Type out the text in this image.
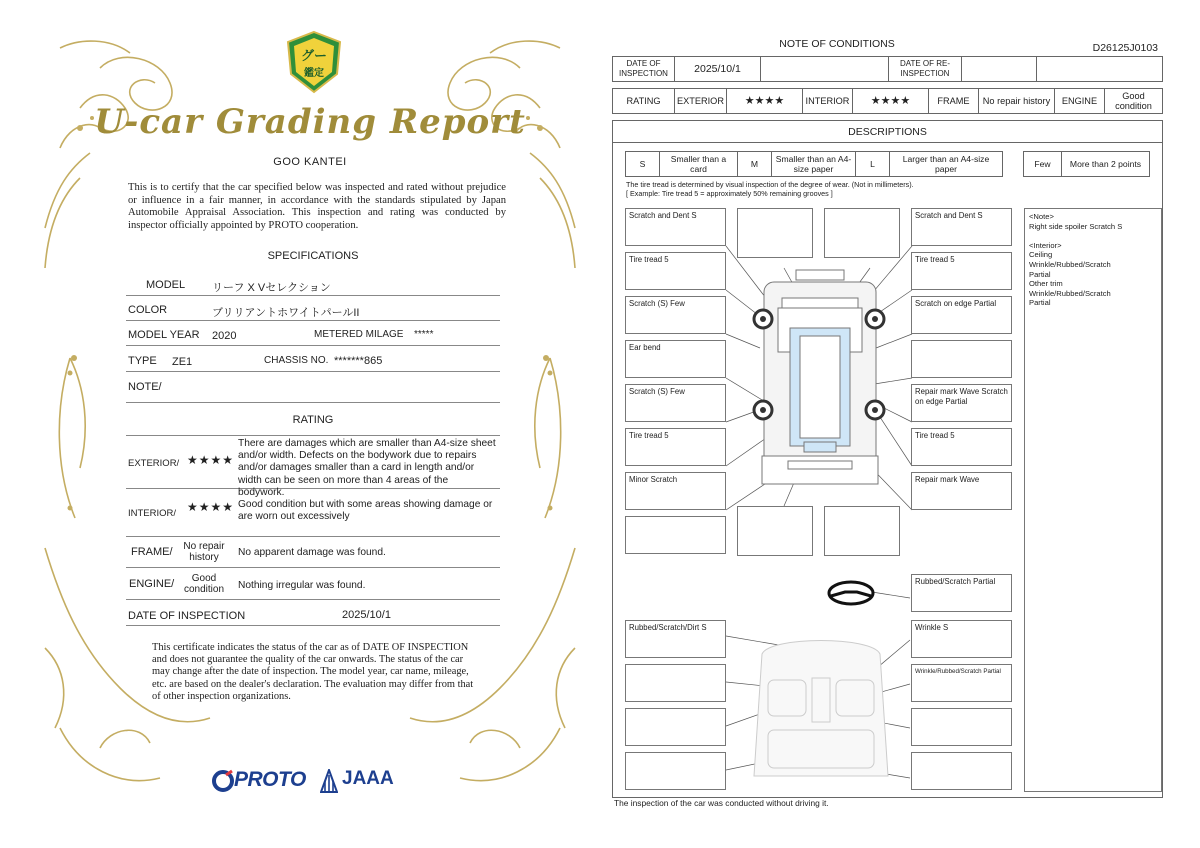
グー
鑑定
U-car Grading Report
GOO KANTEI
This is to certify that the car specified below was inspected and rated without prejudice or influence in a fair manner, in accordance with the standards stipulated by Japan Automobile Appraisal Association. This inspection and rating was conducted by inspector officially appointed by PROTO cooperation.
SPECIFICATIONS
MODEL リーフ X Vセレクション
COLOR	ブリリアントホワイトパールII
MODEL YEAR 2020	METERED MILAGE *****
TYPE ZE1	CHASSIS NO. *******865
NOTE/
RATING
EXTERIOR/ ★★★★
There are damages which are smaller than A4-size sheet and/or width. Defects on the bodywork due to repairs and/or damages smaller than a card in length and/or width can be seen on more than 4 areas of the bodywork.
INTERIOR/ ★★★★ Good condition but with some areas showing damage or are worn out excessively
FRAME/	No repair history	No apparent damage was found.
ENGINE/	Good condition	Nothing irregular was found.
DATE OF INSPECTION	2025/10/1
This certificate indicates the status of the car as of DATE OF INSPECTION and does not guarantee the quality of the car onwards. The status of the car may change after the date of inspection. The model year, car name, mileage, etc. are based on the dealer's declaration. The evaluation may differ from that of other inspection organizations.
PROTO JAAA
NOTE OF CONDITIONS	D26125J0103
DATE OF INSPECTION	2025/10/1		DATE OF RE-INSPECTION		
RATING	EXTERIOR	★★★★	INTERIOR	★★★★	FRAME	No repair history	ENGINE	Good condition
DESCRIPTIONS
S	Smaller than a card	M	Smaller than an A4-size paper	L	Larger than an A4-size paper	Few	More than 2 points
The tire tread is determined by visual inspection of the degree of wear. (Not in millimeters).
[ Example: Tire tread 5 = approximately 50% remaining grooves ]
Scratch and Dent S
Tire tread 5
Scratch (S) Few
Ear bend
Scratch (S) Few
Tire tread 5
Minor Scratch
Scratch and Dent S
Tire tread 5
Scratch on edge Partial
Repair mark Wave Scratch on edge Partial
Tire tread 5
Repair mark Wave
Rubbed/Scratch Partial
Rubbed/Scratch/Dirt S	Wrinkle S
Wrinkle/Rubbed/Scratch Partial
<Note>
Right side spoiler Scratch S
<Interior>
Ceiling
Wrinkle/Rubbed/Scratch
Partial
Other trim
Wrinkle/Rubbed/Scratch
Partial
The inspection of the car was conducted without driving it.
